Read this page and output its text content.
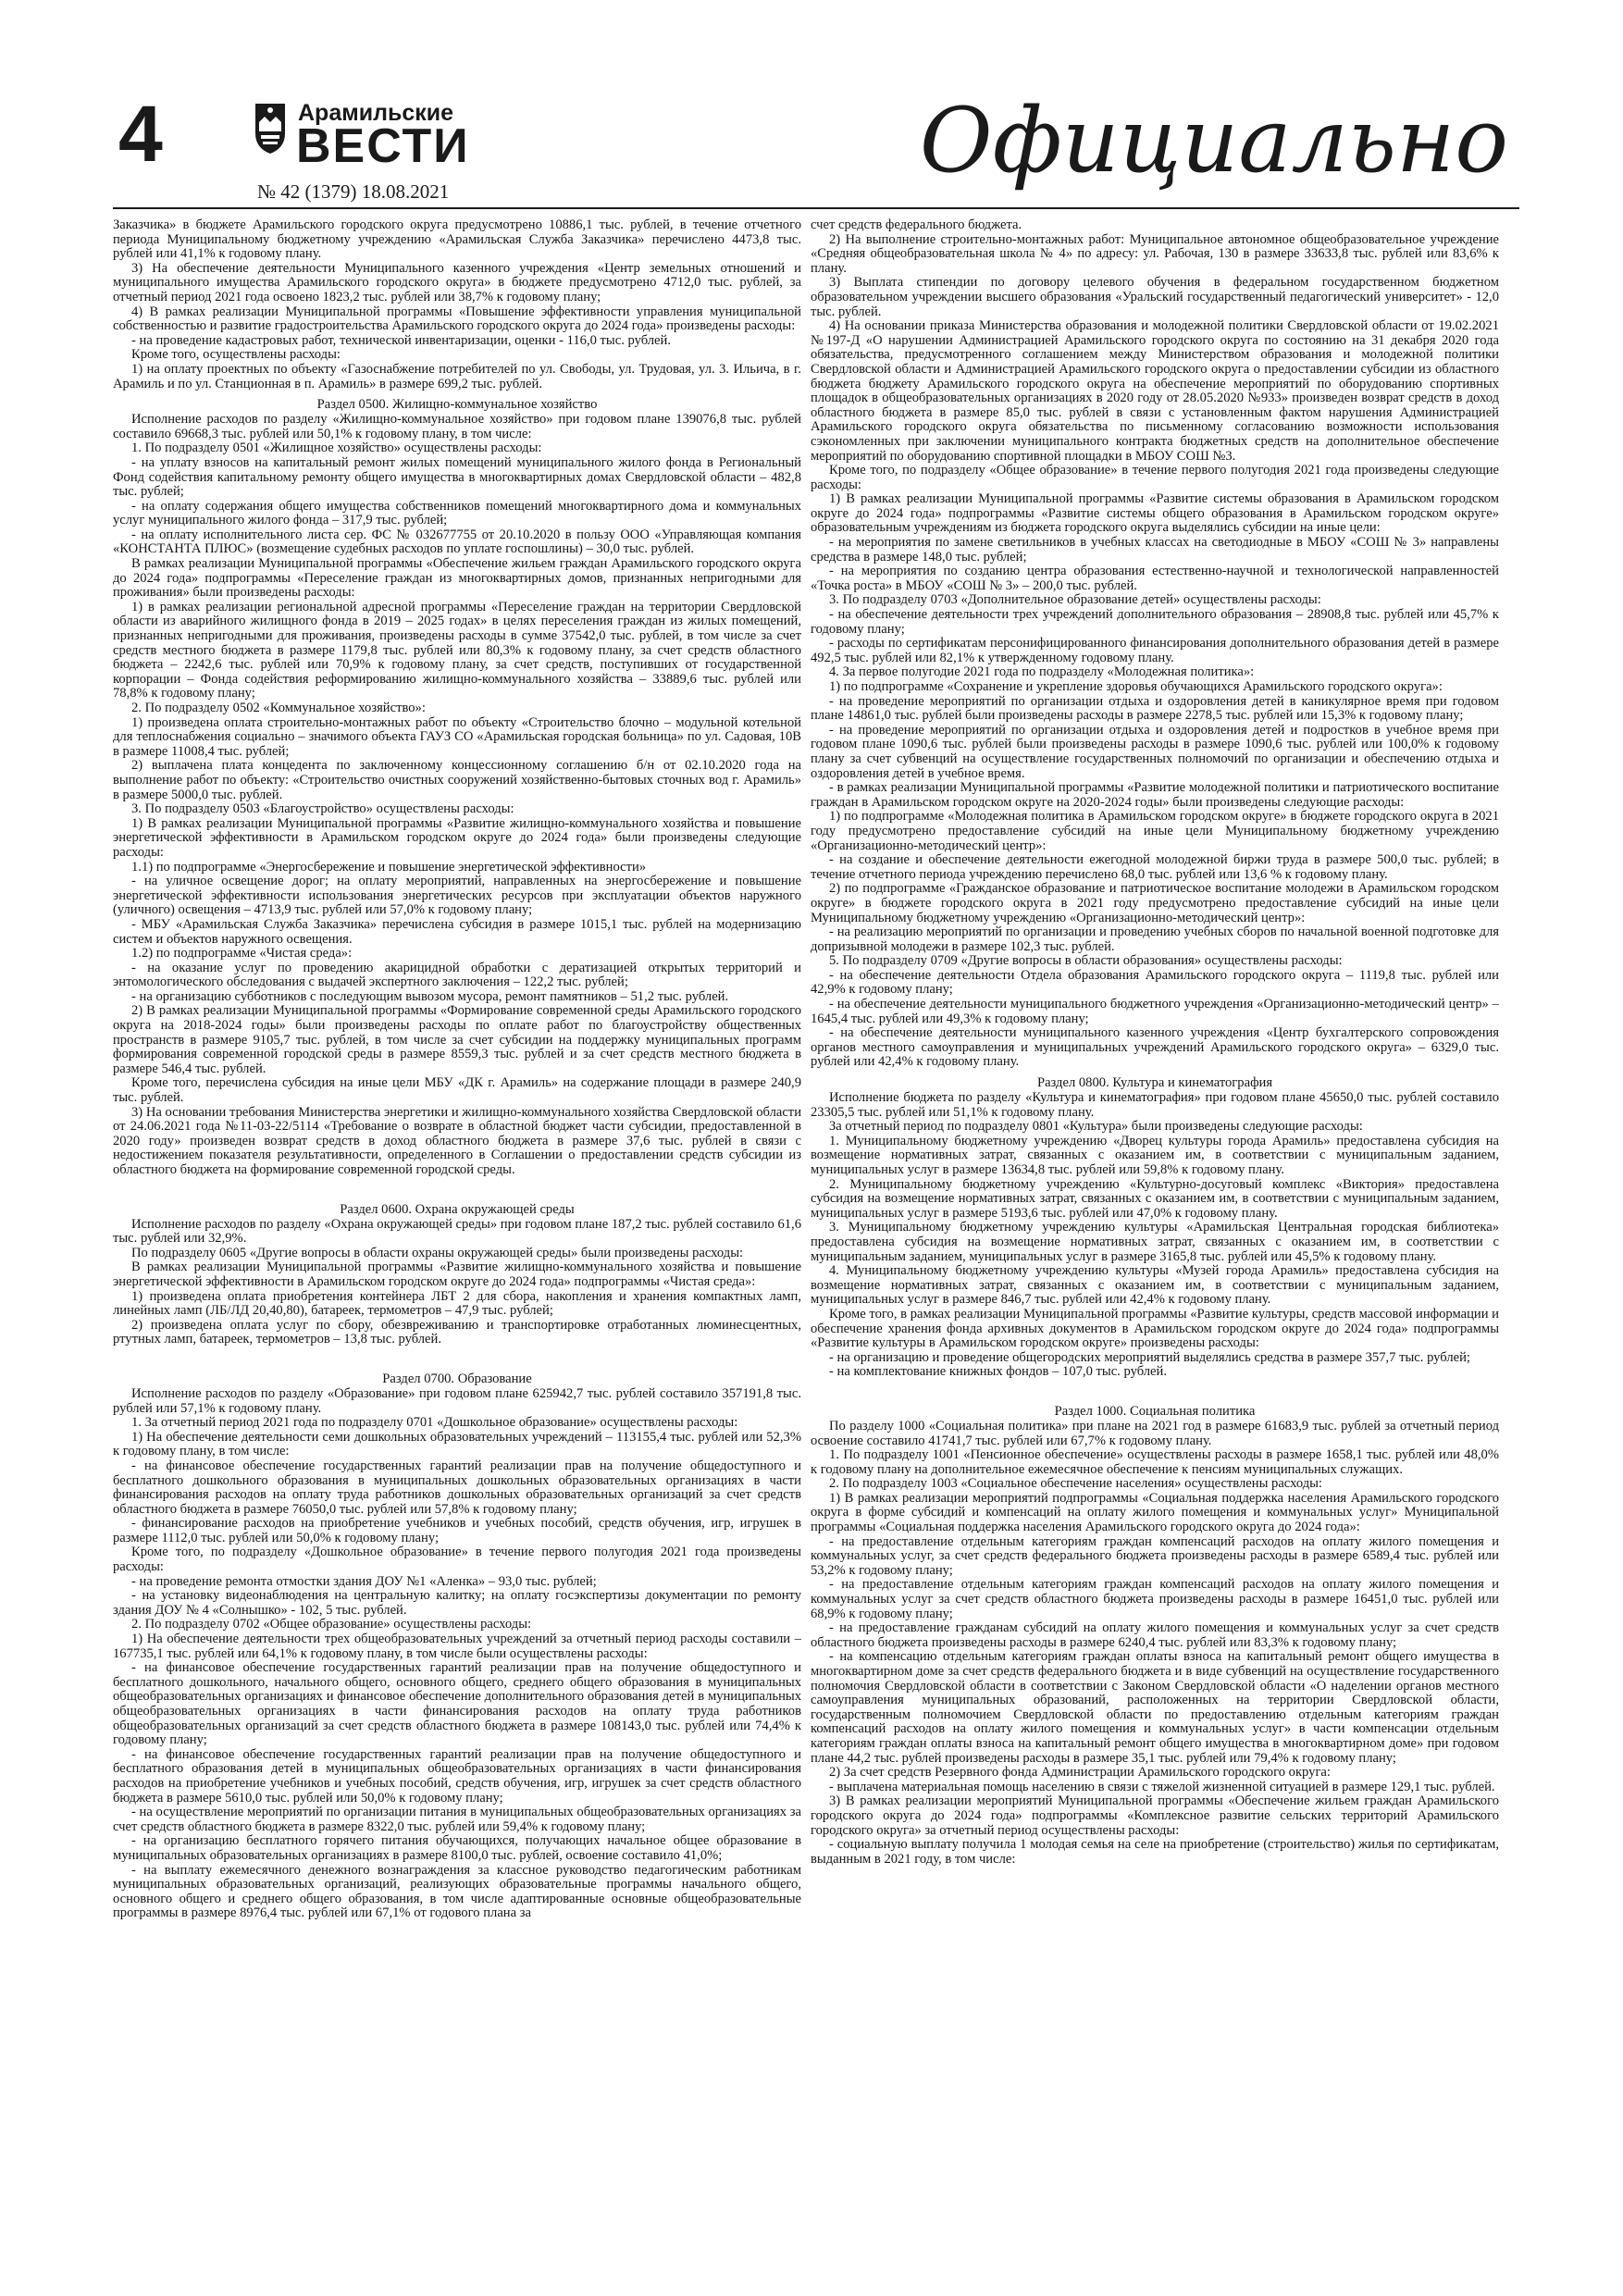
4	Арамильские
ВЕСТИ
№ 42 (1379) 18.08.2021	Официально

Заказчика» в бюджете Арамильского городского округа предусмотрено 10886,1 тыс. рублей, в течение отчетного периода Муниципальному бюджетному учреждению «Арамильская Служба Заказчика» перечислено 4473,8 тыс. рублей или 41,1% к годовому плану.

3) На обеспечение деятельности Муниципального казенного учреждения «Центр земельных отношений и муниципального имущества Арамильского городского округа» в бюджете предусмотрено 4712,0 тыс. рублей, за отчетный период 2021 года освоено 1823,2 тыс. рублей или 38,7% к годовому плану;

4) В рамках реализации Муниципальной программы «Повышение эффективности управления муниципальной собственностью и развитие градостроительства Арамильского городского округа до 2024 года» произведены расходы:

- на проведение кадастровых работ, технической инвентаризации, оценки - 116,0 тыс. рублей.

Кроме того, осуществлены расходы:

1) на оплату проектных по объекту «Газоснабжение потребителей по ул. Свободы, ул. Трудовая, ул. 3. Ильича, в г. Арамиль и по ул. Станционная в п. Арамиль» в размере 699,2 тыс. рублей.

Раздел 0500. Жилищно-коммунальное хозяйство

Исполнение расходов по разделу «Жилищно-коммунальное хозяйство» при годовом плане 139076,8 тыс. рублей составило 69668,3 тыс. рублей или 50,1% к годовому плану, в том числе:

1. По подразделу 0501 «Жилищное хозяйство» осуществлены расходы:

- на уплату взносов на капитальный ремонт жилых помещений муниципального жилого фонда в Региональный Фонд содействия капитальному ремонту общего имущества в многоквартирных домах Свердловской области – 482,8 тыс. рублей;

- на оплату содержания общего имущества собственников помещений многоквартирного дома и коммунальных услуг муниципального жилого фонда – 317,9 тыс. рублей;

- на оплату исполнительного листа сер. ФС № 032677755 от 20.10.2020 в пользу ООО «Управляющая компания «КОНСТАНТА ПЛЮС» (возмещение судебных расходов по уплате госпошлины) – 30,0 тыс. рублей.

В рамках реализации Муниципальной программы «Обеспечение жильем граждан Арамильского городского округа до 2024 года» подпрограммы «Переселение граждан из многоквартирных домов, признанных непригодными для проживания» были произведены расходы:

1) в рамках реализации региональной адресной программы «Переселение граждан на территории Свердловской области из аварийного жилищного фонда в 2019 – 2025 годах» в целях переселения граждан из жилых помещений, признанных непригодными для проживания, произведены расходы в сумме 37542,0 тыс. рублей, в том числе за счет средств местного бюджета в размере 1179,8 тыс. рублей или 80,3% к годовому плану, за счет средств областного бюджета – 2242,6 тыс. рублей или 70,9% к годовому плану, за счет средств, поступивших от государственной корпорации – Фонда содействия реформированию жилищно-коммунального хозяйства – 33889,6 тыс. рублей или 78,8% к годовому плану;

2. По подразделу 0502 «Коммунальное хозяйство»:

1) произведена оплата строительно-монтажных работ по объекту «Строительство блочно – модульной котельной для теплоснабжения социально – значимого объекта ГАУЗ СО «Арамильская городская больница» по ул. Садовая, 10В в размере 11008,4 тыс. рублей;

2) выплачена плата концедента по заключенному концессионному соглашению б/н от 02.10.2020 года на выполнение работ по объекту: «Строительство очистных сооружений хозяйственно-бытовых сточных вод г. Арамиль» в размере 5000,0 тыс. рублей.

3. По подразделу 0503 «Благоустройство» осуществлены расходы:

1) В рамках реализации Муниципальной программы «Развитие жилищно-коммунального хозяйства и повышение энергетической эффективности в Арамильском городском округе до 2024 года» были произведены следующие расходы:

1.1) по подпрограмме «Энергосбережение и повышение энергетической эффективности»

- на уличное освещение дорог; на оплату мероприятий, направленных на энергосбережение и повышение энергетической эффективности использования энергетических ресурсов при эксплуатации объектов наружного (уличного) освещения – 4713,9 тыс. рублей или 57,0% к годовому плану;

- МБУ «Арамильская Служба Заказчика» перечислена субсидия в размере 1015,1 тыс. рублей на модернизацию систем и объектов наружного освещения.

1.2) по подпрограмме «Чистая среда»:

- на оказание услуг по проведению акарицидной обработки с дератизацией открытых территорий и энтомологического обследования с выдачей экспертного заключения – 122,2 тыс. рублей;

- на организацию субботников с последующим вывозом мусора, ремонт памятников – 51,2 тыс. рублей.

2) В рамках реализации Муниципальной программы «Формирование современной среды Арамильского городского округа на 2018-2024 годы» были произведены расходы по оплате работ по благоустройству общественных пространств в размере 9105,7 тыс. рублей, в том числе за счет субсидии на поддержку муниципальных программ формирования современной городской среды в размере 8559,3 тыс. рублей и за счет средств местного бюджета в размере 546,4 тыс. рублей.

Кроме того, перечислена субсидия на иные цели МБУ «ДК г. Арамиль» на содержание площади в размере 240,9 тыс. рублей.

3) На основании требования Министерства энергетики и жилищно-коммунального хозяйства Свердловской области от 24.06.2021 года №11-03-22/5114 «Требование о возврате в областной бюджет части субсидии, предоставленной в 2020 году» произведен возврат средств в доход областного бюджета в размере 37,6 тыс. рублей в связи с недостижением показателя результативности, определенного в Соглашении о предоставлении средств субсидии из областного бюджета на формирование современной городской среды.

Раздел 0600. Охрана окружающей среды

Исполнение расходов по разделу «Охрана окружающей среды» при годовом плане 187,2 тыс. рублей составило 61,6 тыс. рублей или 32,9%.

По подразделу 0605 «Другие вопросы в области охраны окружающей среды» были произведены расходы:

В рамках реализации Муниципальной программы «Развитие жилищно-коммунального хозяйства и повышение энергетической эффективности в Арамильском городском округе до 2024 года» подпрограммы «Чистая среда»:

1) произведена оплата приобретения контейнера ЛБТ 2 для сбора, накопления и хранения компактных ламп, линейных ламп (ЛБ/ЛД 20,40,80), батареек, термометров – 47,9 тыс. рублей;

2) произведена оплата услуг по сбору, обезвреживанию и транспортировке отработанных люминесцентных, ртутных ламп, батареек, термометров – 13,8 тыс. рублей.

Раздел 0700. Образование

Исполнение расходов по разделу «Образование» при годовом плане 625942,7 тыс. рублей составило 357191,8 тыс. рублей или 57,1% к годовому плану.

1. За отчетный период 2021 года по подразделу 0701 «Дошкольное образование» осуществлены расходы:

1) На обеспечение деятельности семи дошкольных образовательных учреждений – 113155,4 тыс. рублей или 52,3% к годовому плану, в том числе:

- на финансовое обеспечение государственных гарантий реализации прав на получение общедоступного и бесплатного дошкольного образования в муниципальных дошкольных образовательных организациях в части финансирования расходов на оплату труда работников дошкольных образовательных организаций за счет средств областного бюджета в размере 76050,0 тыс. рублей или 57,8% к годовому плану;

- финансирование расходов на приобретение учебников и учебных пособий, средств обучения, игр, игрушек в размере 1112,0 тыс. рублей или 50,0% к годовому плану;

Кроме того, по подразделу «Дошкольное образование» в течение первого полугодия 2021 года произведены расходы:

- на проведение ремонта отмостки здания ДОУ №1 «Аленка» – 93,0 тыс. рублей;

- на установку видеонаблюдения на центральную калитку; на оплату госэкспертизы документации по ремонту здания ДОУ № 4 «Солнышко» - 102, 5 тыс. рублей.

2. По подразделу 0702 «Общее образование» осуществлены расходы:

1) На обеспечение деятельности трех общеобразовательных учреждений за отчетный период расходы составили – 167735,1 тыс. рублей или 64,1% к годовому плану, в том числе были осуществлены расходы:

- на финансовое обеспечение государственных гарантий реализации прав на получение общедоступного и бесплатного дошкольного, начального общего, основного общего, среднего общего образования в муниципальных общеобразовательных организациях и финансовое обеспечение дополнительного образования детей в муниципальных общеобразовательных организациях в части финансирования расходов на оплату труда работников общеобразовательных организаций за счет средств областного бюджета в размере 108143,0 тыс. рублей или 74,4% к годовому плану;

- на финансовое обеспечение государственных гарантий реализации прав на получение общедоступного и бесплатного образования детей в муниципальных общеобразовательных организациях в части финансирования расходов на приобретение учебников и учебных пособий, средств обучения, игр, игрушек за счет средств областного бюджета в размере 5610,0 тыс. рублей или 50,0% к годовому плану;

- на осуществление мероприятий по организации питания в муниципальных общеобразовательных организациях за счет средств областного бюджета в размере 8322,0 тыс. рублей или 59,4% к годовому плану;

- на организацию бесплатного горячего питания обучающихся, получающих начальное общее образование в муниципальных образовательных организациях в размере 8100,0 тыс. рублей, освоение составило 41,0%;

- на выплату ежемесячного денежного вознаграждения за классное руководство педагогическим работникам муниципальных образовательных организаций, реализующих образовательные программы начального общего, основного общего и среднего общего образования, в том числе адаптированные основные общеобразовательные программы в размере 8976,4 тыс. рублей или 67,1% от годового плана за

счет средств федерального бюджета.

2) На выполнение строительно-монтажных работ: Муниципальное автономное общеобразовательное учреждение «Средняя общеобразовательная школа № 4» по адресу: ул. Рабочая, 130 в размере 33633,8 тыс. рублей или 83,6% к плану.

3) Выплата стипендии по договору целевого обучения в федеральном государственном бюджетном образовательном учреждении высшего образования «Уральский государственный педагогический университет» - 12,0 тыс. рублей.

4) На основании приказа Министерства образования и молодежной политики Свердловской области от 19.02.2021 №197-Д «О нарушении Администрацией Арамильского городского округа по состоянию на 31 декабря 2020 года обязательства, предусмотренного соглашением между Министерством образования и молодежной политики Свердловской области и Администрацией Арамильского городского округа о предоставлении субсидии из областного бюджета бюджету Арамильского городского округа на обеспечение мероприятий по оборудованию спортивных площадок в общеобразовательных организациях в 2020 году от 28.05.2020 №933» произведен возврат средств в доход областного бюджета в размере 85,0 тыс. рублей в связи с установленным фактом нарушения Администрацией Арамильского городского округа обязательства по письменному согласованию возможности использования сэкономленных при заключении муниципального контракта бюджетных средств на дополнительное обеспечение мероприятий по оборудованию спортивной площадки в МБОУ СОШ №3.

Кроме того, по подразделу «Общее образование» в течение первого полугодия 2021 года произведены следующие расходы:

1) В рамках реализации Муниципальной программы «Развитие системы образования в Арамильском городском округе до 2024 года» подпрограммы «Развитие системы общего образования в Арамильском городском округе» образовательным учреждениям из бюджета городского округа выделялись субсидии на иные цели:

- на мероприятия по замене светильников в учебных классах на светодиодные в МБОУ «СОШ № 3» направлены средства в размере 148,0 тыс. рублей;

- на мероприятия по созданию центра образования естественно-научной и технологической направленностей «Точка роста» в МБОУ «СОШ № 3» – 200,0 тыс. рублей.

3. По подразделу 0703 «Дополнительное образование детей» осуществлены расходы:

- на обеспечение деятельности трех учреждений дополнительного образования – 28908,8 тыс. рублей или 45,7% к годовому плану;

- расходы по сертификатам персонифицированного финансирования дополнительного образования детей в размере 492,5 тыс. рублей или 82,1% к утвержденному годовому плану.

4. За первое полугодие 2021 года по подразделу «Молодежная политика»:

1) по подпрограмме «Сохранение и укрепление здоровья обучающихся Арамильского городского округа»:

- на проведение мероприятий по организации отдыха и оздоровления детей в каникулярное время при годовом плане 14861,0 тыс. рублей были произведены расходы в размере 2278,5 тыс. рублей или 15,3% к годовому плану;

- на проведение мероприятий по организации отдыха и оздоровления детей и подростков в учебное время при годовом плане 1090,6 тыс. рублей были произведены расходы в размере 1090,6 тыс. рублей или 100,0% к годовому плану за счет субвенций на осуществление государственных полномочий по организации и обеспечению отдыха и оздоровления детей в учебное время.

- в рамках реализации Муниципальной программы «Развитие молодежной политики и патриотического воспитание граждан в Арамильском городском округе на 2020-2024 годы» были произведены следующие расходы:

1) по подпрограмме «Молодежная политика в Арамильском городском округе» в бюджете городского округа в 2021 году предусмотрено предоставление субсидий на иные цели Муниципальному бюджетному учреждению «Организационно-методический центр»:

- на создание и обеспечение деятельности ежегодной молодежной биржи труда в размере 500,0 тыс. рублей; в течение отчетного периода учреждению перечислено 68,0 тыс. рублей или 13,6 % к годовому плану.

2) по подпрограмме «Гражданское образование и патриотическое воспитание молодежи в Арамильском городском округе» в бюджете городского округа в 2021 году предусмотрено предоставление субсидий на иные цели Муниципальному бюджетному учреждению «Организационно-методический центр»:

- на реализацию мероприятий по организации и проведению учебных сборов по начальной военной подготовке для допризывной молодежи в размере 102,3 тыс. рублей.

5. По подразделу 0709 «Другие вопросы в области образования» осуществлены расходы:

- на обеспечение деятельности Отдела образования Арамильского городского округа – 1119,8 тыс. рублей или 42,9% к годовому плану;

- на обеспечение деятельности муниципального бюджетного учреждения «Организационно-методический центр» – 1645,4 тыс. рублей или 49,3% к годовому плану;

- на обеспечение деятельности муниципального казенного учреждения «Центр бухгалтерского сопровождения органов местного самоуправления и муниципальных учреждений Арамильского городского округа» – 6329,0 тыс. рублей или 42,4% к годовому плану.

Раздел 0800. Культура и кинематография

Исполнение бюджета по разделу «Культура и кинематография» при годовом плане 45650,0 тыс. рублей составило 23305,5 тыс. рублей или 51,1% к годовому плану.

За отчетный период по подразделу 0801 «Культура» были произведены следующие расходы:

1. Муниципальному бюджетному учреждению «Дворец культуры города Арамиль» предоставлена субсидия на возмещение нормативных затрат, связанных с оказанием им, в соответствии с муниципальным заданием, муниципальных услуг в размере 13634,8 тыс. рублей или 59,8% к годовому плану.

2. Муниципальному бюджетному учреждению «Культурно-досуговый комплекс «Виктория» предоставлена субсидия на возмещение нормативных затрат, связанных с оказанием им, в соответствии с муниципальным заданием, муниципальных услуг в размере 5193,6 тыс. рублей или 47,0% к годовому плану.

3. Муниципальному бюджетному учреждению культуры «Арамильская Центральная городская библиотека» предоставлена субсидия на возмещение нормативных затрат, связанных с оказанием им, в соответствии с муниципальным заданием, муниципальных услуг в размере 3165,8 тыс. рублей или 45,5% к годовому плану.

4. Муниципальному бюджетному учреждению культуры «Музей города Арамиль» предоставлена субсидия на возмещение нормативных затрат, связанных с оказанием им, в соответствии с муниципальным заданием, муниципальных услуг в размере 846,7 тыс. рублей или 42,4% к годовому плану.

Кроме того, в рамках реализации Муниципальной программы «Развитие культуры, средств массовой информации и обеспечение хранения фонда архивных документов в Арамильском городском округе до 2024 года» подпрограммы «Развитие культуры в Арамильском городском округе» произведены расходы:

- на организацию и проведение общегородских мероприятий выделялись средства в размере 357,7 тыс. рублей;

- на комплектование книжных фондов – 107,0 тыс. рублей.

Раздел 1000. Социальная политика

По разделу 1000 «Социальная политика» при плане на 2021 год в размере 61683,9 тыс. рублей за отчетный период освоение составило 41741,7 тыс. рублей или 67,7% к годовому плану.

1. По подразделу 1001 «Пенсионное обеспечение» осуществлены расходы в размере 1658,1 тыс. рублей или 48,0% к годовому плану на дополнительное ежемесячное обеспечение к пенсиям муниципальных служащих.

2. По подразделу 1003 «Социальное обеспечение населения» осуществлены расходы:

1) В рамках реализации мероприятий подпрограммы «Социальная поддержка населения Арамильского городского округа в форме субсидий и компенсаций на оплату жилого помещения и коммунальных услуг» Муниципальной программы «Социальная поддержка населения Арамильского городского округа до 2024 года»:

- на предоставление отдельным категориям граждан компенсаций расходов на оплату жилого помещения и коммунальных услуг, за счет средств федерального бюджета произведены расходы в размере 6589,4 тыс. рублей или 53,2% к годовому плану;

- на предоставление отдельным категориям граждан компенсаций расходов на оплату жилого помещения и коммунальных услуг за счет средств областного бюджета произведены расходы в размере 16451,0 тыс. рублей или 68,9% к годовому плану;

- на предоставление гражданам субсидий на оплату жилого помещения и коммунальных услуг за счет средств областного бюджета произведены расходы в размере 6240,4 тыс. рублей или 83,3% к годовому плану;

- на компенсацию отдельным категориям граждан оплаты взноса на капитальный ремонт общего имущества в многоквартирном доме за счет средств федерального бюджета и в виде субвенций на осуществление государственного полномочия Свердловской области в соответствии с Законом Свердловской области «О наделении органов местного самоуправления муниципальных образований, расположенных на территории Свердловской области, государственным полномочием Свердловской области по предоставлению отдельным категориям граждан компенсаций расходов на оплату жилого помещения и коммунальных услуг» в части компенсации отдельным категориям граждан оплаты взноса на капитальный ремонт общего имущества в многоквартирном доме» при годовом плане 44,2 тыс. рублей произведены расходы в размере 35,1 тыс. рублей или 79,4% к годовому плану;

2) За счет средств Резервного фонда Администрации Арамильского городского округа:

- выплачена материальная помощь населению в связи с тяжелой жизненной ситуацией в размере 129,1 тыс. рублей.

3) В рамках реализации мероприятий Муниципальной программы «Обеспечение жильем граждан Арамильского городского округа до 2024 года» подпрограммы «Комплексное развитие сельских территорий Арамильского городского округа» за отчетный период осуществлены расходы:

- социальную выплату получила 1 молодая семья на селе на приобретение (строительство) жилья по сертификатам, выданным в 2021 году, в том числе:
